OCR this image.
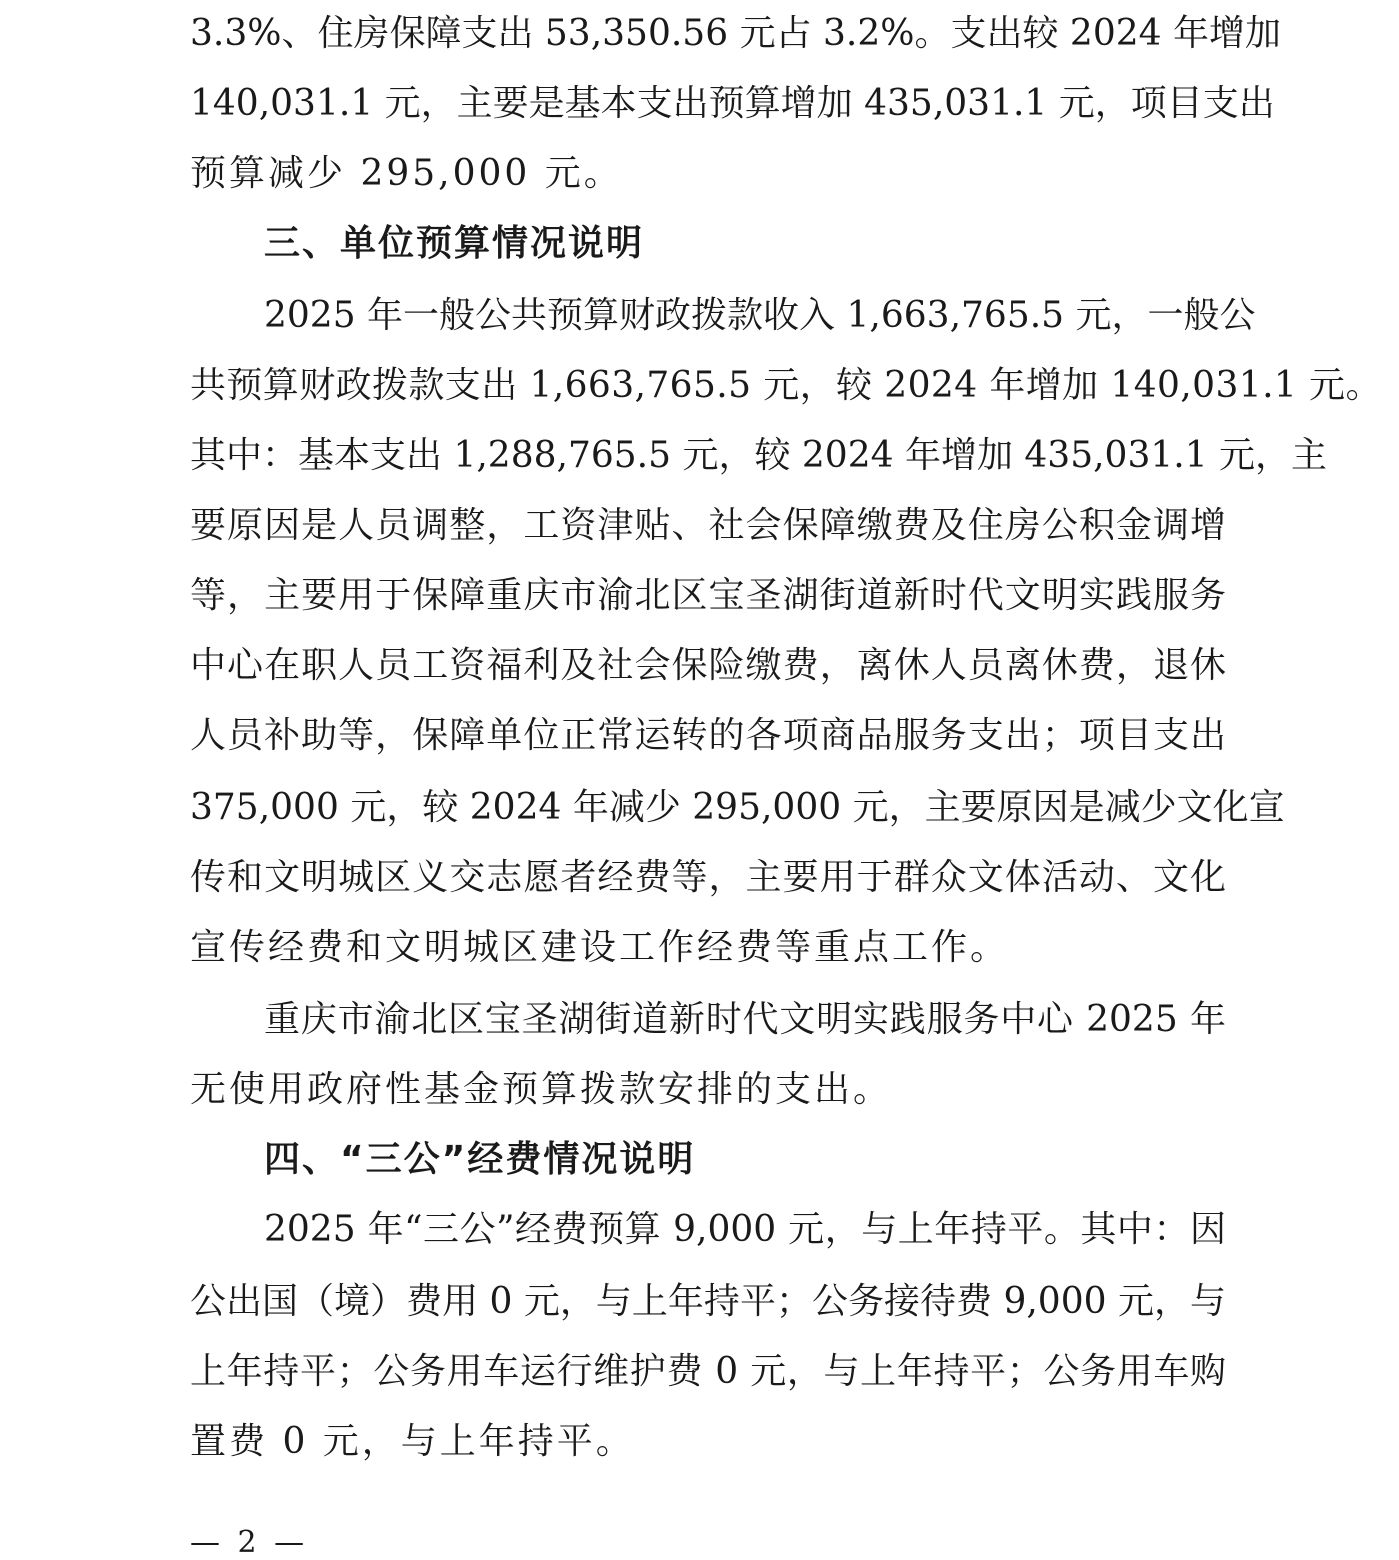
3.3%、住房保障支出 53,350.56 元占 3.2%。支出较 2024 年增加
140,031.1 元，主要是基本支出预算增加 435,031.1 元，项目支出
预算减少 295,000 元。
三、单位预算情况说明
2025 年一般公共预算财政拨款收入 1,663,765.5 元，一般公
共预算财政拨款支出 1,663,765.5 元，较 2024 年增加 140,031.1 元。
其中：基本支出 1,288,765.5 元，较 2024 年增加 435,031.1 元，主
要原因是人员调整，工资津贴、社会保障缴费及住房公积金调增
等，主要用于保障重庆市渝北区宝圣湖街道新时代文明实践服务
中心在职人员工资福利及社会保险缴费，离休人员离休费，退休
人员补助等，保障单位正常运转的各项商品服务支出；项目支出
375,000 元，较 2024 年减少 295,000 元，主要原因是减少文化宣
传和文明城区义交志愿者经费等，主要用于群众文体活动、文化
宣传经费和文明城区建设工作经费等重点工作。
重庆市渝北区宝圣湖街道新时代文明实践服务中心 2025 年
无使用政府性基金预算拨款安排的支出。
四、“三公”经费情况说明
2025 年“三公”经费预算 9,000 元，与上年持平。其中：因
公出国（境）费用 0 元，与上年持平；公务接待费 9,000 元，与
上年持平；公务用车运行维护费 0 元，与上年持平；公务用车购
置费 0 元，与上年持平。
— 2 —
